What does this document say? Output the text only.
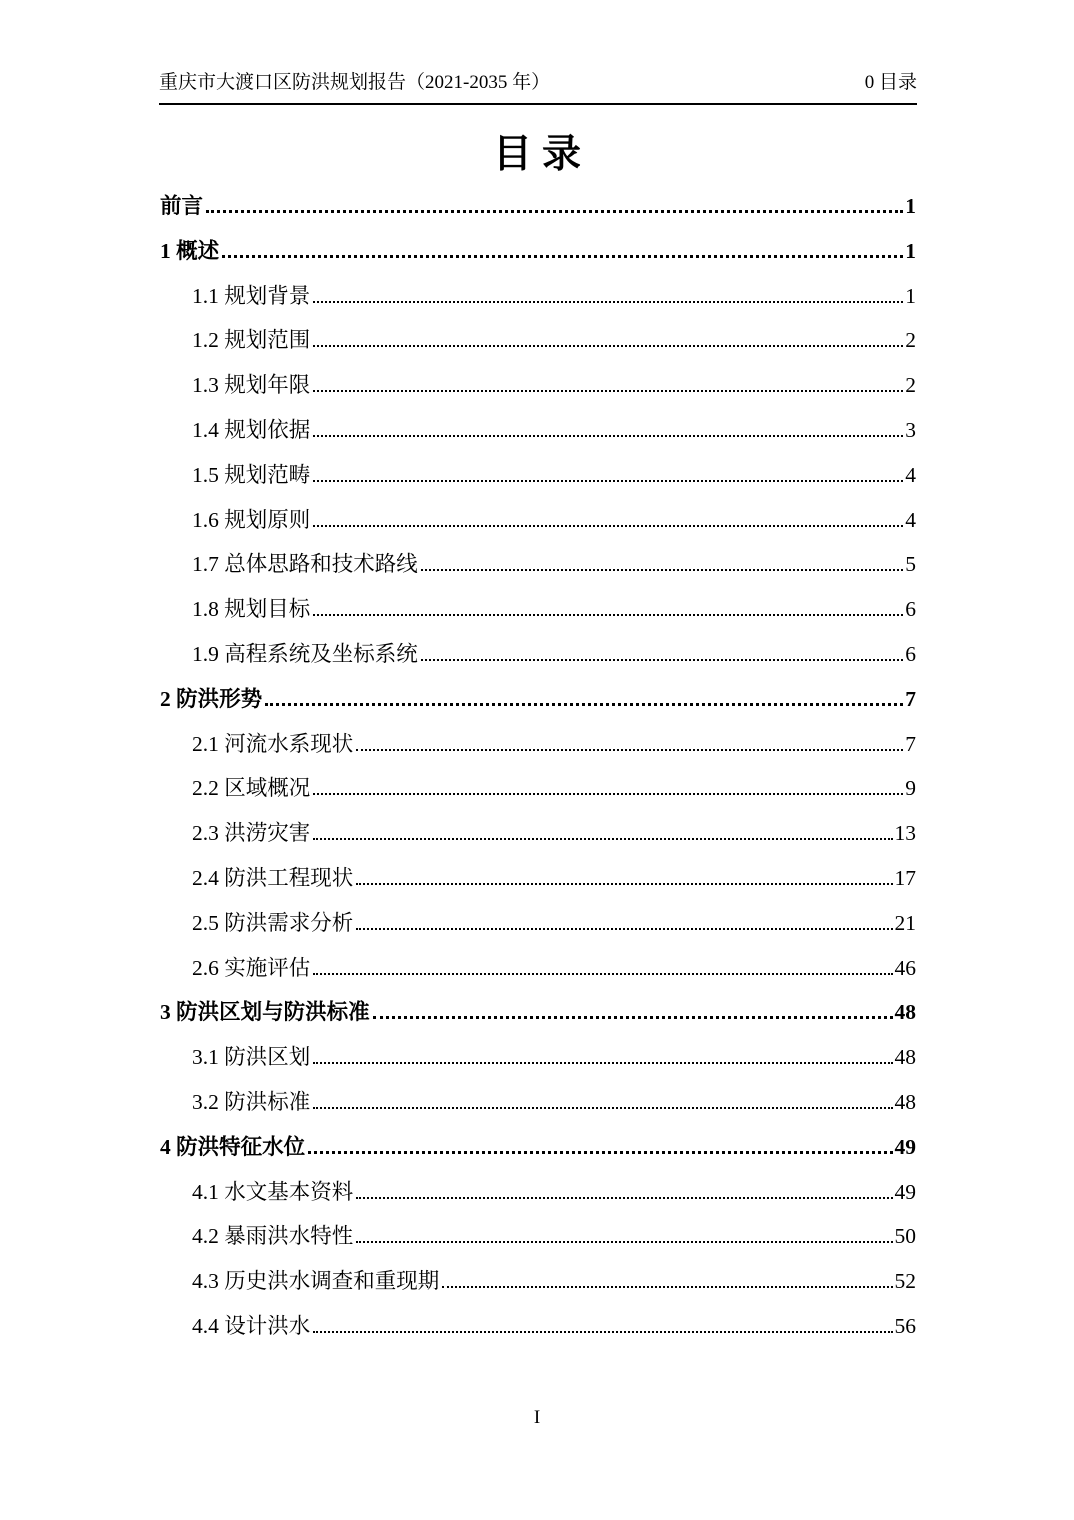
重庆市大渡口区防洪规划报告（2021-2035 年）	0 目录
目录
前言	1
1 概述	1
1.1 规划背景	1
1.2 规划范围	2
1.3 规划年限	2
1.4 规划依据	3
1.5 规划范畴	4
1.6 规划原则	4
1.7 总体思路和技术路线	5
1.8 规划目标	6
1.9 高程系统及坐标系统	6
2 防洪形势	7
2.1 河流水系现状	7
2.2 区域概况	9
2.3 洪涝灾害	13
2.4 防洪工程现状	17
2.5 防洪需求分析	21
2.6 实施评估	46
3 防洪区划与防洪标准	48
3.1 防洪区划	48
3.2 防洪标准	48
4 防洪特征水位	49
4.1 水文基本资料	49
4.2 暴雨洪水特性	50
4.3 历史洪水调查和重现期	52
4.4 设计洪水	56
I
